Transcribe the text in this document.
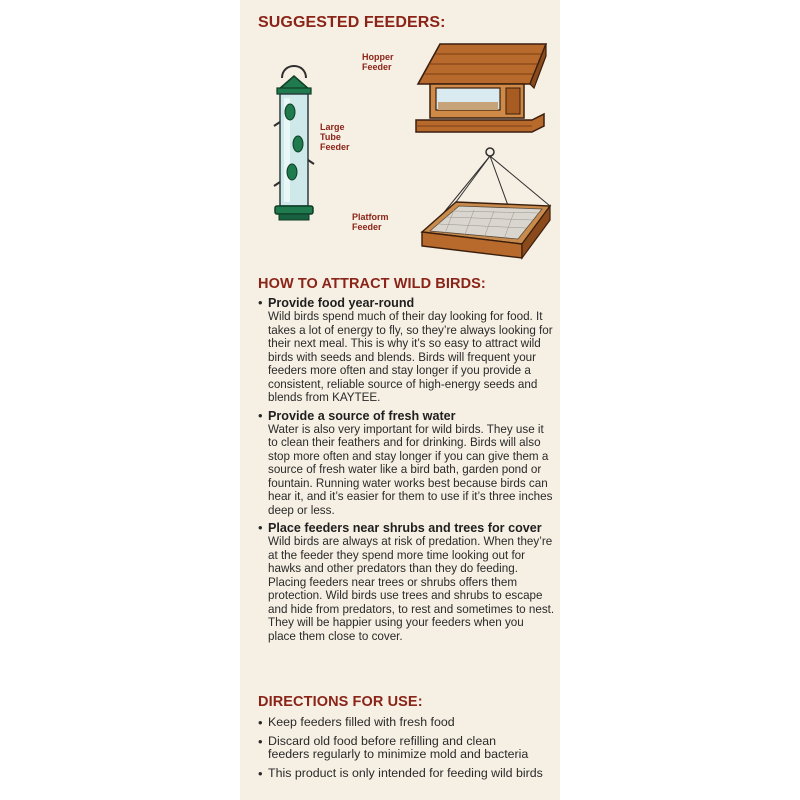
SUGGESTED FEEDERS:
Large
Tube
Feeder
Hopper
Feeder
Platform
Feeder
HOW TO ATTRACT WILD BIRDS:
• Provide food year-round
Wild birds spend much of their day looking for food. It takes a lot of energy to fly, so they’re always looking for their next meal. This is why it’s so easy to attract wild birds with seeds and blends. Birds will frequent your feeders more often and stay longer if you provide a consistent, reliable source of high-energy seeds and blends from KAYTEE.
• Provide a source of fresh water
Water is also very important for wild birds. They use it to clean their feathers and for drinking. Birds will also stop more often and stay longer if you can give them a source of fresh water like a bird bath, garden pond or fountain. Running water works best because birds can hear it, and it’s easier for them to use if it’s three inches deep or less.
• Place feeders near shrubs and trees for cover
Wild birds are always at risk of predation. When they’re at the feeder they spend more time looking out for hawks and other predators than they do feeding. Placing feeders near trees or shrubs offers them protection. Wild birds use trees and shrubs to escape and hide from predators, to rest and sometimes to nest. They will be happier using your feeders when you place them close to cover.
DIRECTIONS FOR USE:
• Keep feeders filled with fresh food
• Discard old food before refilling and clean feeders regularly to minimize mold and bacteria
• This product is only intended for feeding wild birds
